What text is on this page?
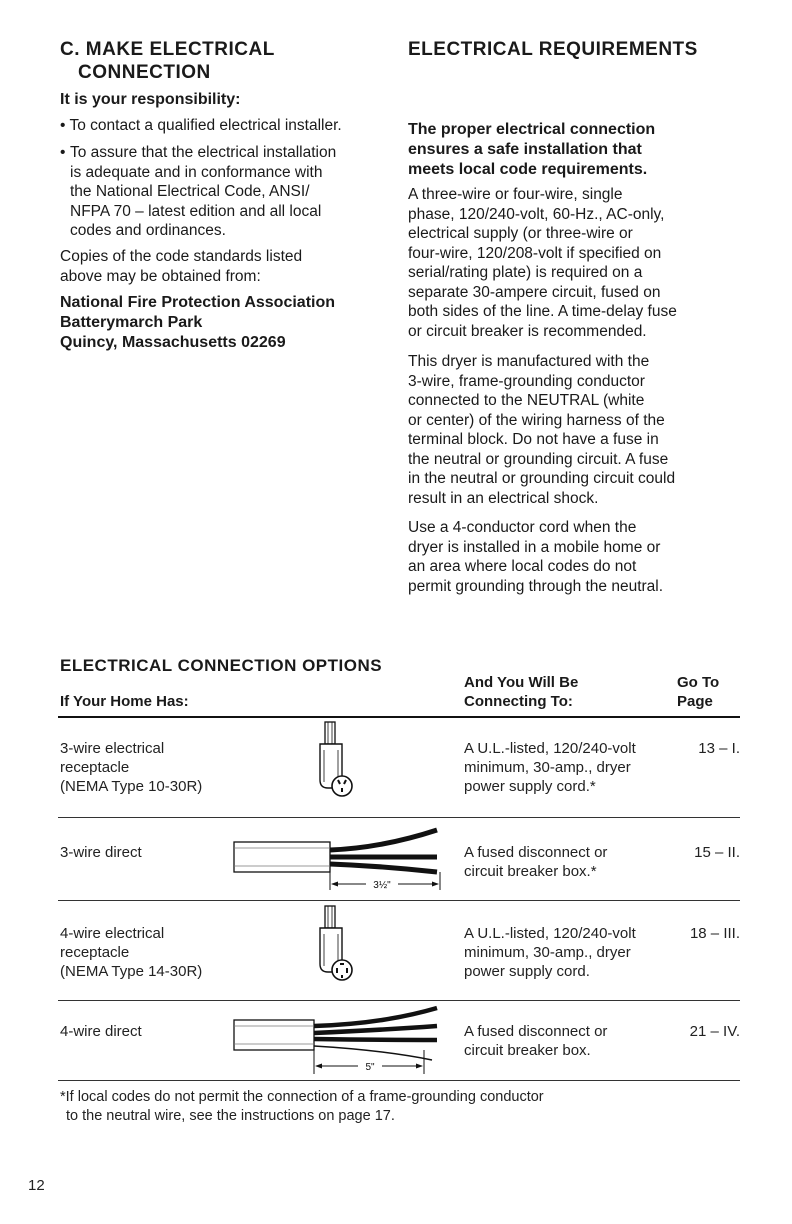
C. MAKE ELECTRICAL
CONNECTION
It is your responsibility:
• To contact a qualified electrical installer.
• To assure that the electrical installation
is adequate and in conformance with
the National Electrical Code, ANSI/
NFPA 70 – latest edition and all local
codes and ordinances.
Copies of the code standards listed
above may be obtained from:
National Fire Protection Association
Batterymarch Park
Quincy, Massachusetts 02269
ELECTRICAL REQUIREMENTS
The proper electrical connection
ensures a safe installation that
meets local code requirements.
A three-wire or four-wire, single
phase, 120/240-volt, 60-Hz., AC-only,
electrical supply (or three-wire or
four-wire, 120/208-volt if specified on
serial/rating plate) is required on a
separate 30-ampere circuit, fused on
both sides of the line. A time-delay fuse
or circuit breaker is recommended.
This dryer is manufactured with the
3-wire, frame-grounding conductor
connected to the NEUTRAL (white
or center) of the wiring harness of the
terminal block. Do not have a fuse in
the neutral or grounding circuit. A fuse
in the neutral or grounding circuit could
result in an electrical shock.
Use a 4-conductor cord when the
dryer is installed in a mobile home or
an area where local codes do not
permit grounding through the neutral.
ELECTRICAL CONNECTION OPTIONS
If Your Home Has:
And You Will Be
Connecting To:
Go To
Page
3-wire electrical
receptacle
(NEMA Type 10-30R)
A U.L.-listed, 120/240-volt
minimum, 30-amp., dryer
power supply cord.*
13 – I.
3-wire direct
3½"
A fused disconnect or
circuit breaker box.*
15 – II.
4-wire electrical
receptacle
(NEMA Type 14-30R)
A U.L.-listed, 120/240-volt
minimum, 30-amp., dryer
power supply cord.
18 – III.
4-wire direct
5"
A fused disconnect or
circuit breaker box.
21 – IV.
*If local codes do not permit the connection of a frame-grounding conductor
to the neutral wire, see the instructions on page 17.
12
